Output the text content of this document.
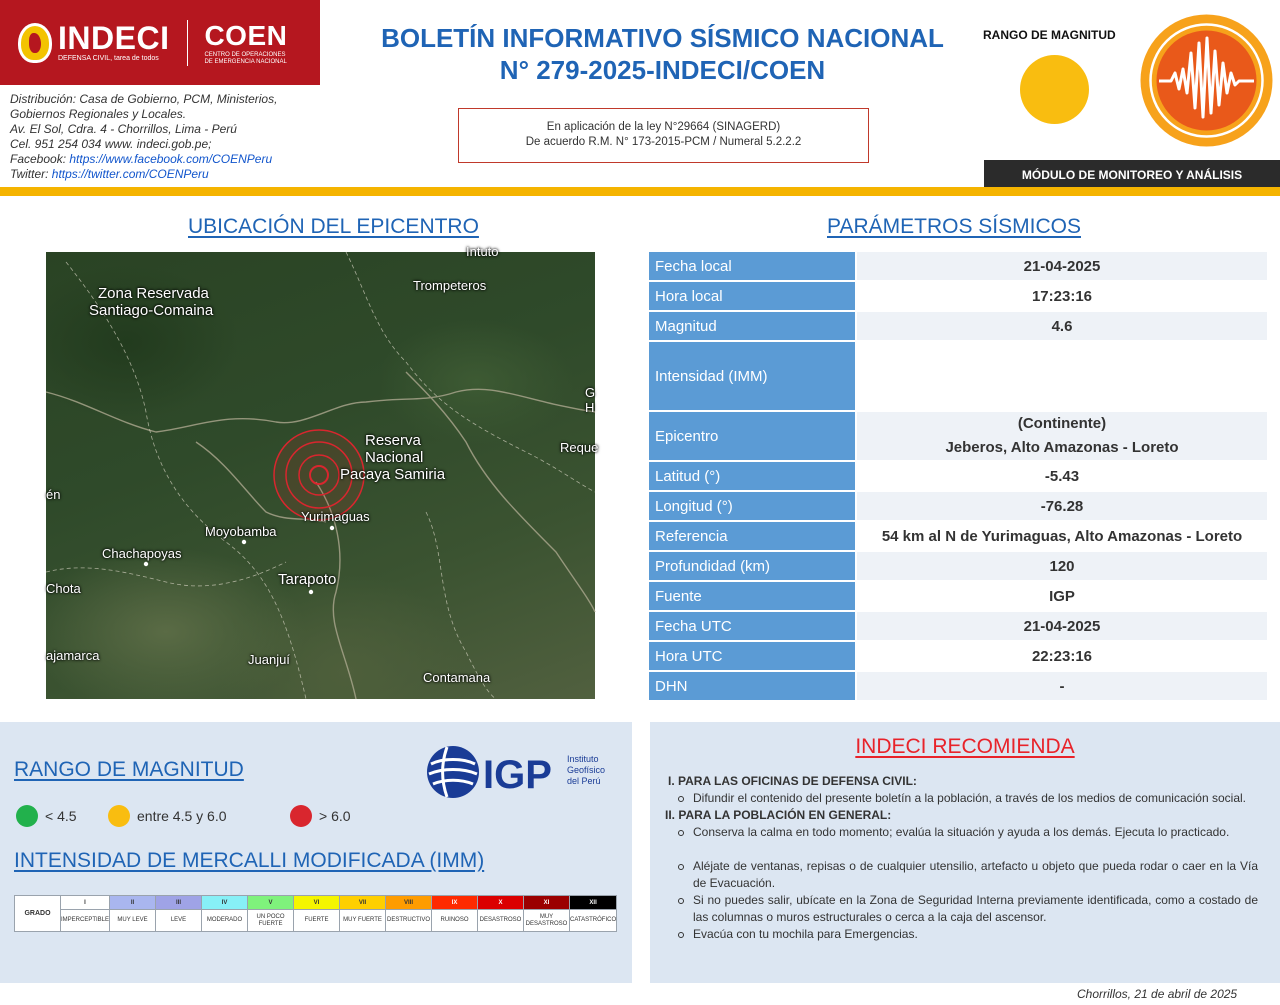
INDECI
DEFENSA CIVIL, tarea de todos
COEN
CENTRO DE OPERACIONES
DE EMERGENCIA NACIONAL
Distribución: Casa de Gobierno, PCM, Ministerios,
Gobiernos Regionales y Locales.
Av. El Sol, Cdra. 4 - Chorrillos, Lima - Perú
Cel. 951 254 034 www. indeci.gob.pe;
Facebook: https://www.facebook.com/COENPeru
Twitter: https://twitter.com/COENPeru
BOLETÍN INFORMATIVO SÍSMICO NACIONAL
N° 279-2025-INDECI/COEN
En aplicación de la ley N°29664 (SINAGERD)
De acuerdo R.M. N° 173-2015-PCM / Numeral 5.2.2.2
RANGO DE MAGNITUD
MÓDULO DE MONITOREO Y ANÁLISIS
UBICACIÓN DEL EPICENTRO
Intuto
Zona Reservada
Santiago-Comaina
Trompeteros
Reserva
Nacional
Pacaya Samiria
Reque
G
H
én
Yurimaguas
Moyobamba
Chachapoyas
Chota
Tarapoto
ajamarca	Juanjuí
Contamana
PARÁMETROS SÍSMICOS
Fecha local	21-04-2025
Hora local	17:23:16
Magnitud	4.6
Intensidad (IMM)	
Epicentro	(Continente)
Jeberos, Alto Amazonas - Loreto

Latitud (°)	-5.43
Longitud (°)	-76.28
Referencia	54 km al N de Yurimaguas, Alto Amazonas - Loreto
Profundidad (km)	120
Fuente	IGP
Fecha UTC	21-04-2025
Hora UTC	22:23:16
DHN	-
RANGO DE MAGNITUD	IGP Instituto
Geofísico
del Perú
< 4.5	entre 4.5 y 6.0	> 6.0
INTENSIDAD DE MERCALLI MODIFICADA (IMM)
GRADO	I	II	III	IV	V	VI	VII	VIII	IX	X	XI	XII
	IMPERCEPTIBLE	MUY LEVE	LEVE	MODERADO	UN POCO FUERTE	FUERTE	MUY FUERTE	DESTRUCTIVO	RUINOSO	DESASTROSO	MUY DESASTROSO	CATASTRÓFICO
INDECI RECOMIENDA
I. PARA LAS OFICINAS DE DEFENSA CIVIL:
Difundir el contenido del presente boletín a la población, a través de los medios de comunicación social.
II. PARA LA POBLACIÓN EN GENERAL:
Conserva la calma en todo momento; evalúa la situación y ayuda a los demás. Ejecuta lo practicado.
Aléjate de ventanas, repisas o de cualquier utensilio, artefacto u objeto que pueda rodar o caer en la Vía de Evacuación.
Si no puedes salir, ubícate en la Zona de Seguridad Interna previamente identificada, como a costado de las columnas o muros estructurales o cerca a la caja del ascensor.
Evacúa con tu mochila para Emergencias.
Chorrillos, 21 de abril de 2025
